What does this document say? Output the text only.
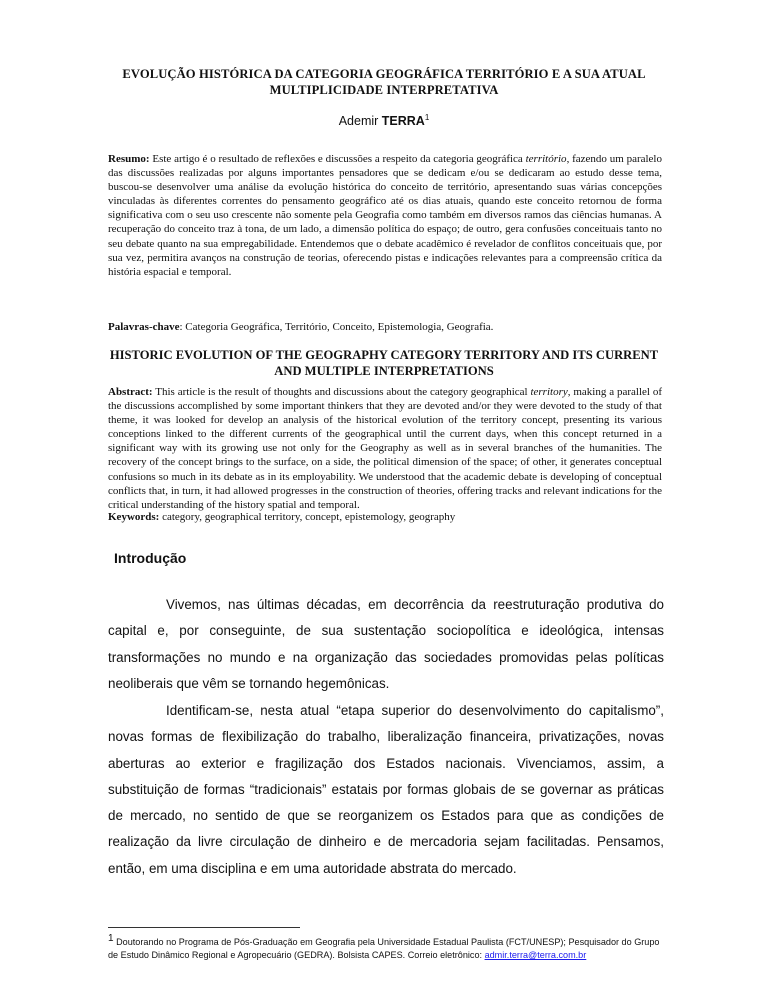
EVOLUÇÃO HISTÓRICA DA CATEGORIA GEOGRÁFICA TERRITÓRIO E A SUA ATUAL MULTIPLICIDADE INTERPRETATIVA
Ademir TERRA$^1$
Resumo: Este artigo é o resultado de reflexões e discussões a respeito da categoria geográfica território, fazendo um paralelo das discussões realizadas por alguns importantes pensadores que se dedicam e/ou se dedicaram ao estudo desse tema, buscou-se desenvolver uma análise da evolução histórica do conceito de território, apresentando suas várias concepções vinculadas às diferentes correntes do pensamento geográfico até os dias atuais, quando este conceito retornou de forma significativa com o seu uso crescente não somente pela Geografia como também em diversos ramos das ciências humanas. A recuperação do conceito traz à tona, de um lado, a dimensão política do espaço; de outro, gera confusões conceituais tanto no seu debate quanto na sua empregabilidade. Entendemos que o debate acadêmico é revelador de conflitos conceituais que, por sua vez, permitira avanços na construção de teorias, oferecendo pistas e indicações relevantes para a compreensão crítica da história espacial e temporal.
Palavras-chave: Categoria Geográfica, Território, Conceito, Epistemologia, Geografia.
HISTORIC EVOLUTION OF THE GEOGRAPHY CATEGORY TERRITORY AND ITS CURRENT AND MULTIPLE INTERPRETATIONS
Abstract: This article is the result of thoughts and discussions about the category geographical territory, making a parallel of the discussions accomplished by some important thinkers that they are devoted and/or they were devoted to the study of that theme, it was looked for develop an analysis of the historical evolution of the territory concept, presenting its various conceptions linked to the different currents of the geographical until the current days, when this concept returned in a significant way with its growing use not only for the Geography as well as in several branches of the humanities. The recovery of the concept brings to the surface, on a side, the political dimension of the space; of other, it generates conceptual confusions so much in its debate as in its employability. We understood that the academic debate is developing of conceptual conflicts that, in turn, it had allowed progresses in the construction of theories, offering tracks and relevant indications for the critical understanding of the history spatial and temporal.
Keywords: category, geographical territory, concept, epistemology, geography
Introdução
Vivemos, nas últimas décadas, em decorrência da reestruturação produtiva do capital e, por conseguinte, de sua sustentação sociopolítica e ideológica, intensas transformações no mundo e na organização das sociedades promovidas pelas políticas neoliberais que vêm se tornando hegemônicas.
Identificam-se, nesta atual “etapa superior do desenvolvimento do capitalismo”, novas formas de flexibilização do trabalho, liberalização financeira, privatizações, novas aberturas ao exterior e fragilização dos Estados nacionais. Vivenciamos, assim, a substituição de formas “tradicionais” estatais por formas globais de se governar as práticas de mercado, no sentido de que se reorganizem os Estados para que as condições de realização da livre circulação de dinheiro e de mercadoria sejam facilitadas. Pensamos, então, em uma disciplina e em uma autoridade abstrata do mercado.
$^1$ Doutorando no Programa de Pós-Graduação em Geografia pela Universidade Estadual Paulista (FCT/UNESP); Pesquisador do Grupo de Estudo Dinâmico Regional e Agropecuário (GEDRA). Bolsista CAPES. Correio eletrônico: admir.terra@terra.com.br
